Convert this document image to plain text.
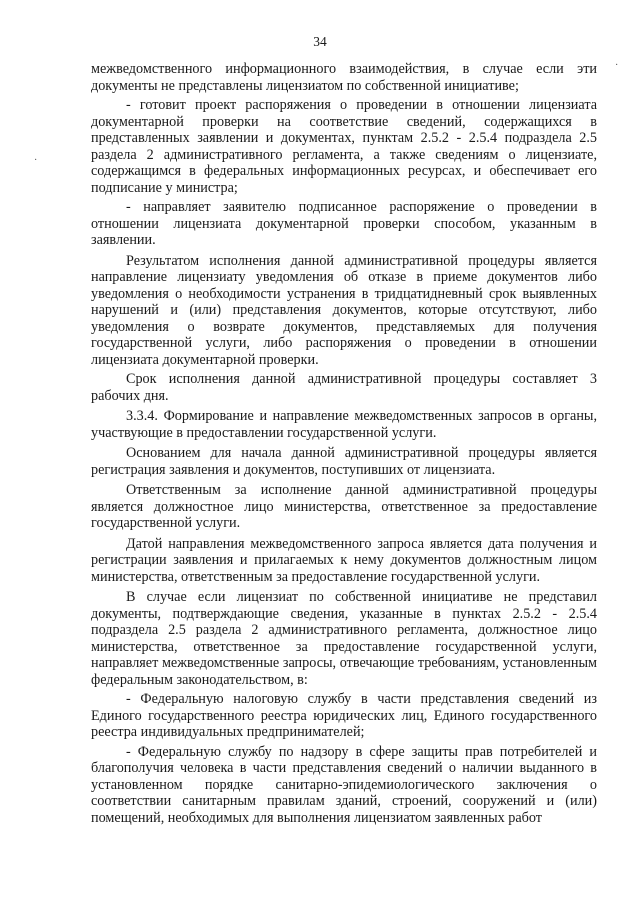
34

межведомственного информационного взаимодействия, в случае если эти документы не представлены лицензиатом по собственной инициативе;

- готовит проект распоряжения о проведении в отношении лицензиата документарной проверки на соответствие сведений, содержащихся в представленных заявлении и документах, пунктам 2.5.2 - 2.5.4 подраздела 2.5 раздела 2 административного регламента, а также сведениям о лицензиате, содержащимся в федеральных информационных ресурсах, и обеспечивает его подписание у министра;

- направляет заявителю подписанное распоряжение о проведении в отношении лицензиата документарной проверки способом, указанным в заявлении.

Результатом исполнения данной административной процедуры является направление лицензиату уведомления об отказе в приеме документов либо уведомления о необходимости устранения в тридцатидневный срок выявленных нарушений и (или) представления документов, которые отсутствуют, либо уведомления о возврате документов, представляемых для получения государственной услуги, либо распоряжения о проведении в отношении лицензиата документарной проверки.

Срок исполнения данной административной процедуры составляет 3 рабочих дня.

3.3.4. Формирование и направление межведомственных запросов в органы, участвующие в предоставлении государственной услуги.

Основанием для начала данной административной процедуры является регистрация заявления и документов, поступивших от лицензиата.

Ответственным за исполнение данной административной процедуры является должностное лицо министерства, ответственное за предоставление государственной услуги.

Датой направления межведомственного запроса является дата получения и регистрации заявления и прилагаемых к нему документов должностным лицом министерства, ответственным за предоставление государственной услуги.

В случае если лицензиат по собственной инициативе не представил документы, подтверждающие сведения, указанные в пунктах 2.5.2 - 2.5.4 подраздела 2.5 раздела 2 административного регламента, должностное лицо министерства, ответственное за предоставление государственной услуги, направляет межведомственные запросы, отвечающие требованиям, установленным федеральным законодательством, в:

- Федеральную налоговую службу в части представления сведений из Единого государственного реестра юридических лиц, Единого государственного реестра индивидуальных предпринимателей;

- Федеральную службу по надзору в сфере защиты прав потребителей и благополучия человека в части представления сведений о наличии выданного в установленном порядке санитарно-эпидемиологического заключения о соответствии санитарным правилам зданий, строений, сооружений и (или) помещений, необходимых для выполнения лицензиатом заявленных работ

·
·
